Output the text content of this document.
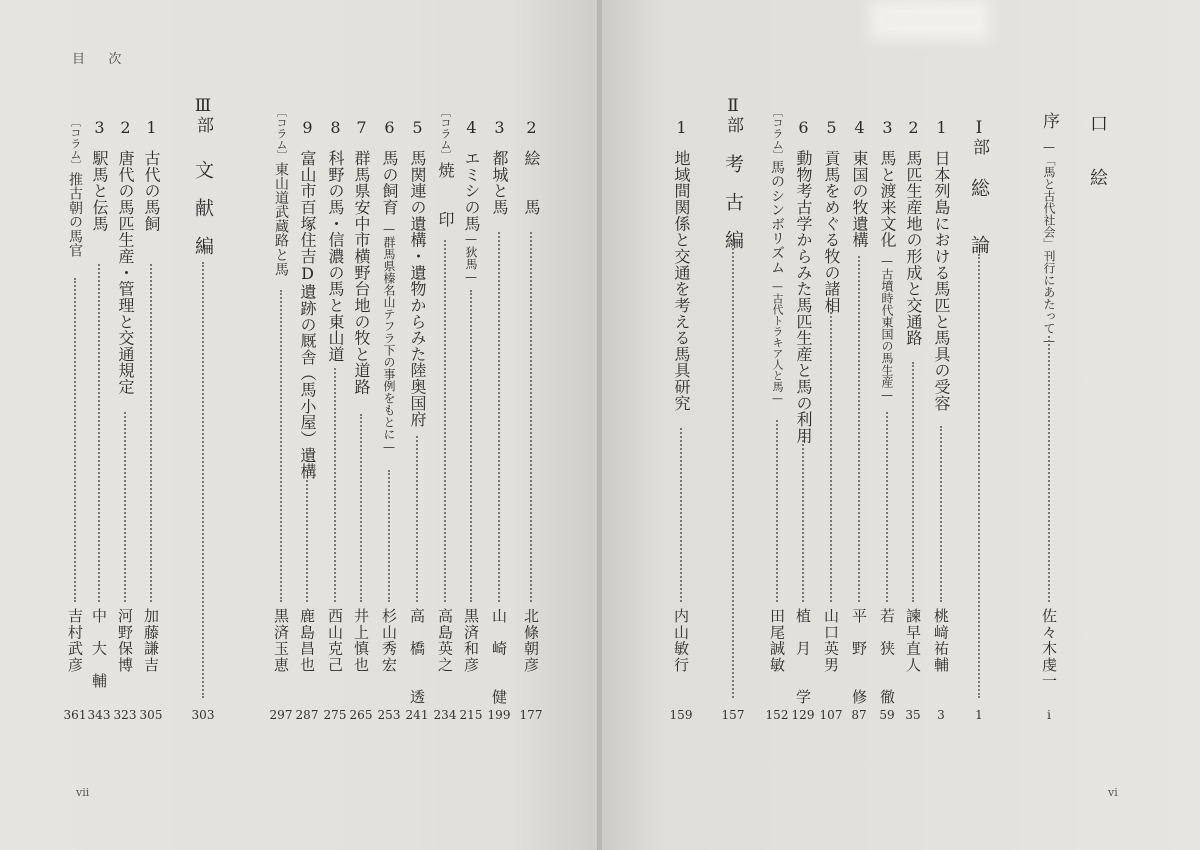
目　次
vii
2
絵　　馬
北條朝彦
177
3
都城と馬
山　崎　　健
199
4
エミシの馬
—狄馬—
黒済和彦
215
〔コラム〕
焼　　印
高島英之
234
5
馬関連の遺構・遺物からみた陸奥国府
高　橋　　透
241
6
馬の飼育
—群馬県榛名山テフラ下の事例をもとに—
杉山秀宏
253
7
群馬県安中市横野台地の牧と道路
井上慎也
265
8
科野の馬・信濃の馬と東山道
西山克己
275
9
富山市百塚住吉D遺跡の厩舎（馬小屋）遺構
鹿島昌也
287
〔コラム〕
東山道武蔵路と馬
黒済玉恵
297
Ⅲ部
文　献　編
303
1
古代の馬飼
加藤謙吉
305
2
唐代の馬匹生産・管理と交通規定
河野保博
323
3
駅馬と伝馬
中　大　輔
343
〔コラム〕
推古朝の馬官
吉村武彦
361
vi
口　　絵
序
—「馬と古代社会」刊行にあたって—
佐々木虔一
i
Ⅰ部
総　　論
1
1
日本列島における馬匹と馬具の受容
桃﨑祐輔
3
2
馬匹生産地の形成と交通路
諫早直人
35
3
馬と渡来文化
—古墳時代東国の馬生産—
若　狭　　徹
59
4
東国の牧遺構
平　野　　修
87
5
貢馬をめぐる牧の諸相
山口英男
107
6
動物考古学からみた馬匹生産と馬の利用
植　月　　学
129
〔コラム〕
馬のシンボリズム
—古代トラキア人と馬—
田尾誠敏
152
Ⅱ部
考　古　編
157
1
地域間関係と交通を考える馬具研究
内山敏行
159
